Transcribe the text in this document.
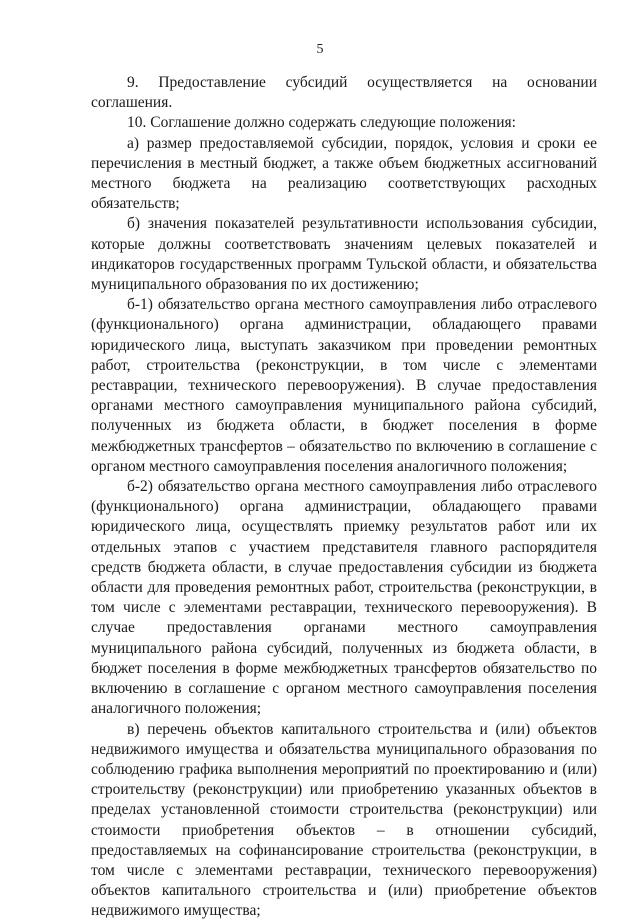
5

9. Предоставление субсидий осуществляется на основании соглашения.

10. Соглашение должно содержать следующие положения:

а) размер предоставляемой субсидии, порядок, условия и сроки ее перечисления в местный бюджет, а также объем бюджетных ассигнований местного бюджета на реализацию соответствующих расходных обязательств;

б) значения показателей результативности использования субсидии, которые должны соответствовать значениям целевых показателей и индикаторов государственных программ Тульской области, и обязательства муниципального образования по их достижению;

б-1) обязательство органа местного самоуправления либо отраслевого (функционального) органа администрации, обладающего правами юридического лица, выступать заказчиком при проведении ремонтных работ, строительства (реконструкции, в том числе с элементами реставрации, технического перевооружения). В случае предоставления органами местного самоуправления муниципального района субсидий, полученных из бюджета области, в бюджет поселения в форме межбюджетных трансфертов – обязательство по включению в соглашение с органом местного самоуправления поселения аналогичного положения;

б-2) обязательство органа местного самоуправления либо отраслевого (функционального) органа администрации, обладающего правами юридического лица, осуществлять приемку результатов работ или их отдельных этапов с участием представителя главного распорядителя средств бюджета области, в случае предоставления субсидии из бюджета области для проведения ремонтных работ, строительства (реконструкции, в том числе с элементами реставрации, технического перевооружения). В случае предоставления органами местного самоуправления муниципального района субсидий, полученных из бюджета области, в бюджет поселения в форме межбюджетных трансфертов обязательство по включению в соглашение с органом местного самоуправления поселения аналогичного положения;

в) перечень объектов капитального строительства и (или) объектов недвижимого имущества и обязательства муниципального образования по соблюдению графика выполнения мероприятий по проектированию и (или) строительству (реконструкции) или приобретению указанных объектов в пределах установленной стоимости строительства (реконструкции) или стоимости приобретения объектов – в отношении субсидий, предоставляемых на софинансирование строительства (реконструкции, в том числе с элементами реставрации, технического перевооружения) объектов капитального строительства и (или) приобретение объектов недвижимого имущества;
